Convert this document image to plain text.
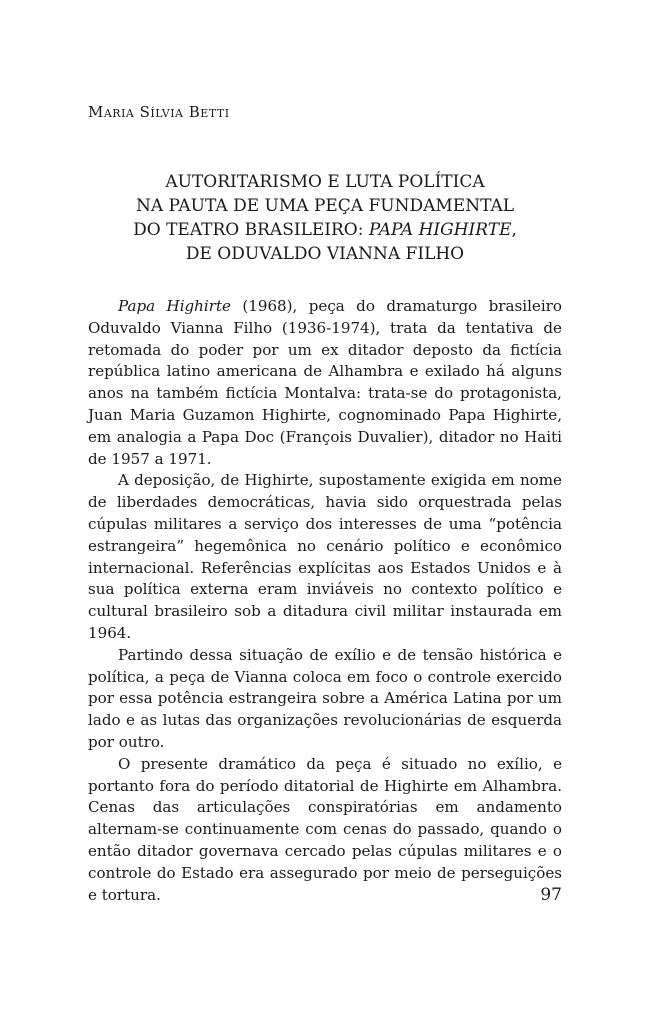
Maria Sílvia Betti
AUTORITARISMO E LUTA POLÍTICA
NA PAUTA DE UMA PEÇA FUNDAMENTAL
DO TEATRO BRASILEIRO: PAPA HIGHIRTE,
DE ODUVALDO VIANNA FILHO

Papa Highirte (1968), peça do dramaturgo brasileiro Oduvaldo Vianna Filho (1936-1974), trata da tentativa de retomada do poder por um ex ditador deposto da fictícia república latino americana de Alhambra e exilado há alguns anos na também fictícia Montalva: trata-se do protagonista, Juan Maria Guzamon Highirte, cognominado Papa Highirte, em analogia a Papa Doc (François Duvalier), ditador no Haiti de 1957 a 1971.

A deposição, de Highirte, supostamente exigida em nome de liberdades democráticas, havia sido orquestrada pelas cúpulas militares a serviço dos interesses de uma “potência estrangeira” hegemônica no cenário político e econômico internacional. Referências explícitas aos Estados Unidos e à sua política externa eram inviáveis no contexto político e cultural brasileiro sob a ditadura civil militar instaurada em 1964.

Partindo dessa situação de exílio e de tensão histórica e política, a peça de Vianna coloca em foco o controle exercido por essa potência estrangeira sobre a América Latina por um lado e as lutas das organizações revolucionárias de esquerda por outro.

O presente dramático da peça é situado no exílio, e portanto fora do período ditatorial de Highirte em Alhambra. Cenas das articulações conspiratórias em andamento alternam-se continuamente com cenas do passado, quando o então ditador governava cercado pelas cúpulas militares e o controle do Estado era assegurado por meio de perseguições e tortura.	97
